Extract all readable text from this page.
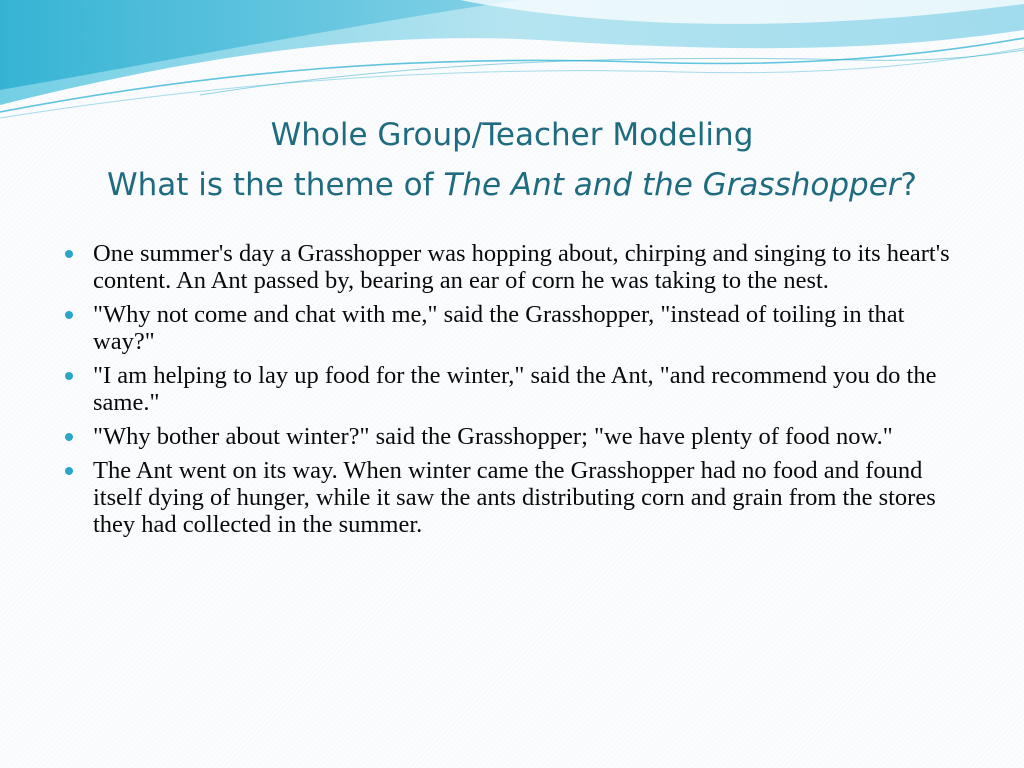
Whole Group/Teacher Modeling
What is the theme of The Ant and the Grasshopper?
One summer's day a Grasshopper was hopping about, chirping and singing to its heart's content. An Ant passed by, bearing an ear of corn he was taking to the nest.
"Why not come and chat with me," said the Grasshopper, "instead of toiling in that way?"
"I am helping to lay up food for the winter," said the Ant, "and recommend you do the same."
"Why bother about winter?" said the Grasshopper; "we have plenty of food now."
The Ant went on its way. When winter came the Grasshopper had no food and found itself dying of hunger, while it saw the ants distributing corn and grain from the stores they had collected in the summer.
